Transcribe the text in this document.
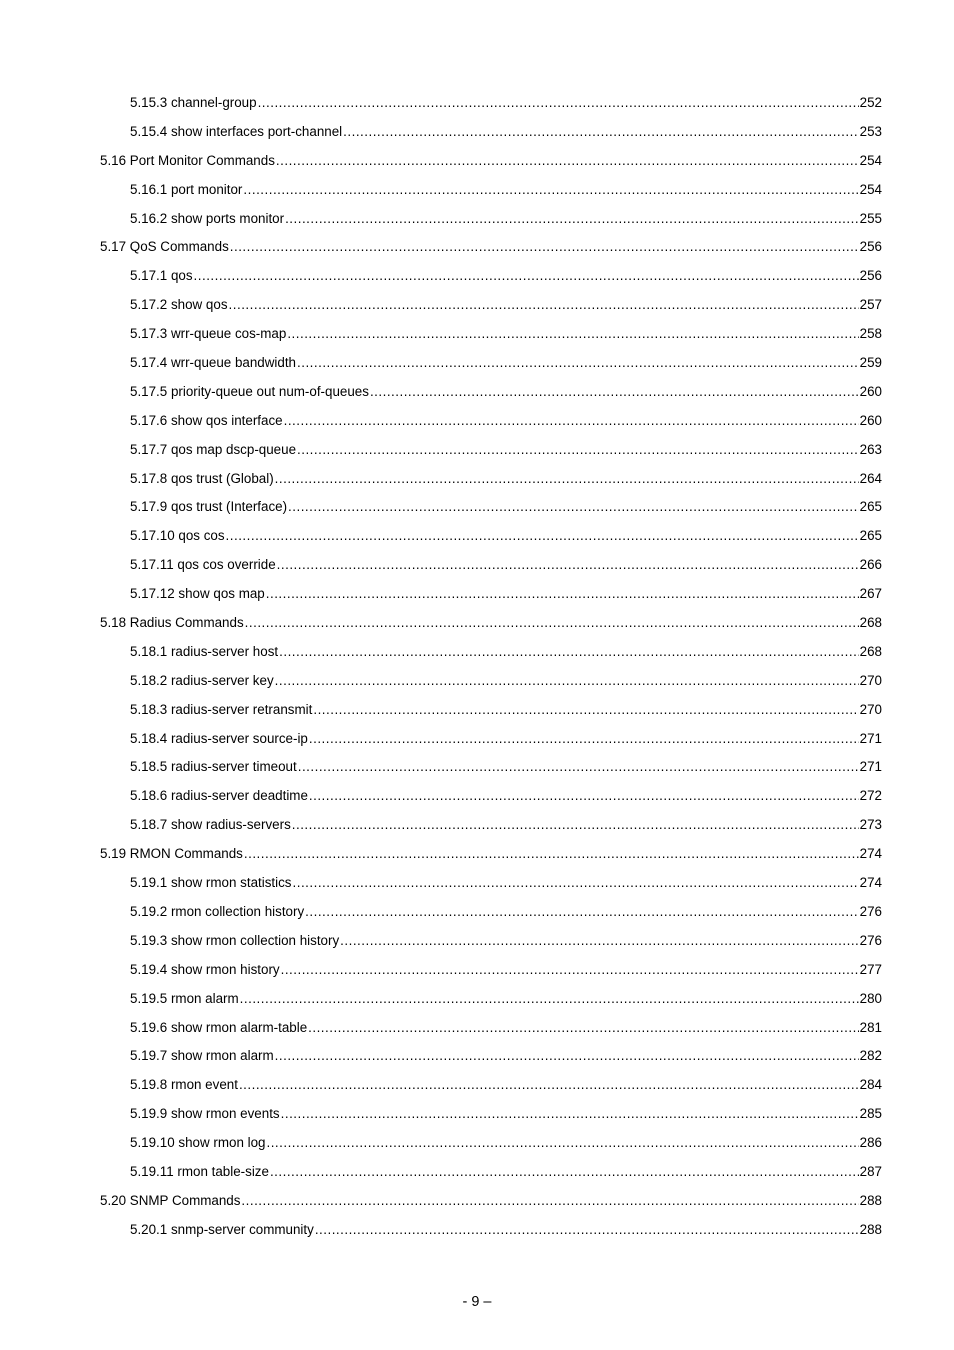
5.15.3 channel-group .....	252
5.15.4 show interfaces port-channel .....	253
5.16 Port Monitor Commands .....	254
5.16.1 port monitor .....	254
5.16.2 show ports monitor .....	255
5.17 QoS Commands .....	256
5.17.1 qos .....	256
5.17.2 show qos .....	257
5.17.3 wrr-queue cos-map .....	258
5.17.4 wrr-queue bandwidth .....	259
5.17.5 priority-queue out num-of-queues .....	260
5.17.6 show qos interface .....	260
5.17.7 qos map dscp-queue .....	263
5.17.8 qos trust (Global) .....	264
5.17.9 qos trust (Interface) .....	265
5.17.10 qos cos .....	265
5.17.11 qos cos override .....	266
5.17.12 show qos map .....	267
5.18 Radius Commands .....	268
5.18.1 radius-server host .....	268
5.18.2 radius-server key .....	270
5.18.3 radius-server retransmit .....	270
5.18.4 radius-server source-ip .....	271
5.18.5 radius-server timeout .....	271
5.18.6 radius-server deadtime .....	272
5.18.7 show radius-servers .....	273
5.19 RMON Commands .....	274
5.19.1 show rmon statistics .....	274
5.19.2 rmon collection history .....	276
5.19.3 show rmon collection history .....	276
5.19.4 show rmon history .....	277
5.19.5 rmon alarm .....	280
5.19.6 show rmon alarm-table .....	281
5.19.7 show rmon alarm .....	282
5.19.8 rmon event .....	284
5.19.9 show rmon events .....	285
5.19.10 show rmon log .....	286
5.19.11 rmon table-size .....	287
5.20 SNMP Commands .....	288
5.20.1 snmp-server community .....	288
- 9 –
